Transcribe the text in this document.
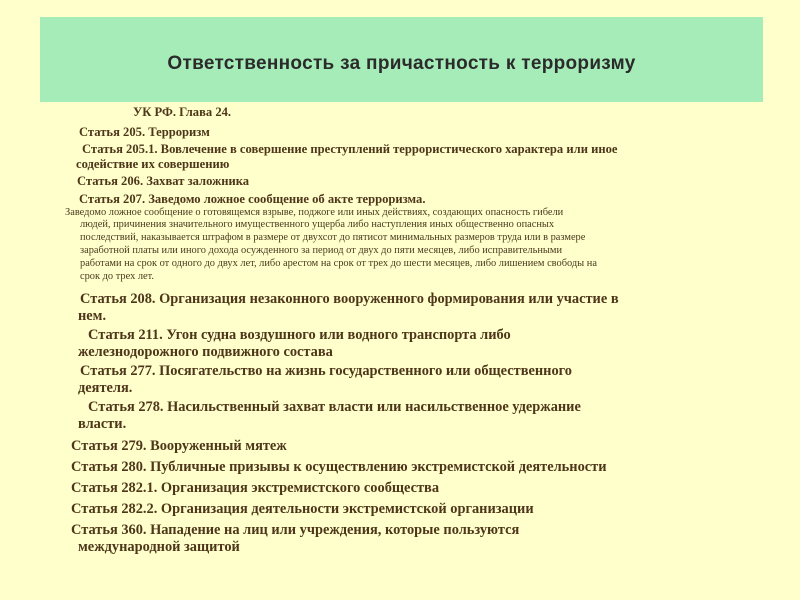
Ответственность за причастность к терроризму
УК РФ. Глава 24.
Статья 205. Терроризм
Статья 205.1. Вовлечение в совершение преступлений террористического характера или иное
содействие их совершению
Статья 206. Захват заложника
Статья 207. Заведомо ложное сообщение об акте терроризма.
Заведомо ложное сообщение о готовящемся взрыве, поджоге или иных действиях, создающих опасность гибели
людей, причинения значительного имущественного ущерба либо наступления иных общественно опасных
последствий, наказывается штрафом в размере от двухсот до пятисот минимальных размеров труда или в размере
заработной платы или иного дохода осужденного за период от двух до пяти месяцев, либо исправительными
работами на срок от одного до двух лет, либо арестом на срок от трех до шести месяцев, либо лишением свободы на
срок до трех лет.
Статья 208. Организация незаконного вооруженного формирования или участие в
нем.
Статья 211. Угон судна воздушного или водного транспорта либо
железнодорожного подвижного состава
Статья 277. Посягательство на жизнь государственного или общественного
деятеля.
Статья 278. Насильственный захват власти или насильственное удержание
власти.
Статья 279. Вооруженный мятеж
Статья 280. Публичные призывы к осуществлению экстремистской деятельности
Статья 282.1. Организация экстремистского сообщества
Статья 282.2. Организация деятельности экстремистской организации
Статья 360. Нападение на лиц или учреждения, которые пользуются
международной защитой
